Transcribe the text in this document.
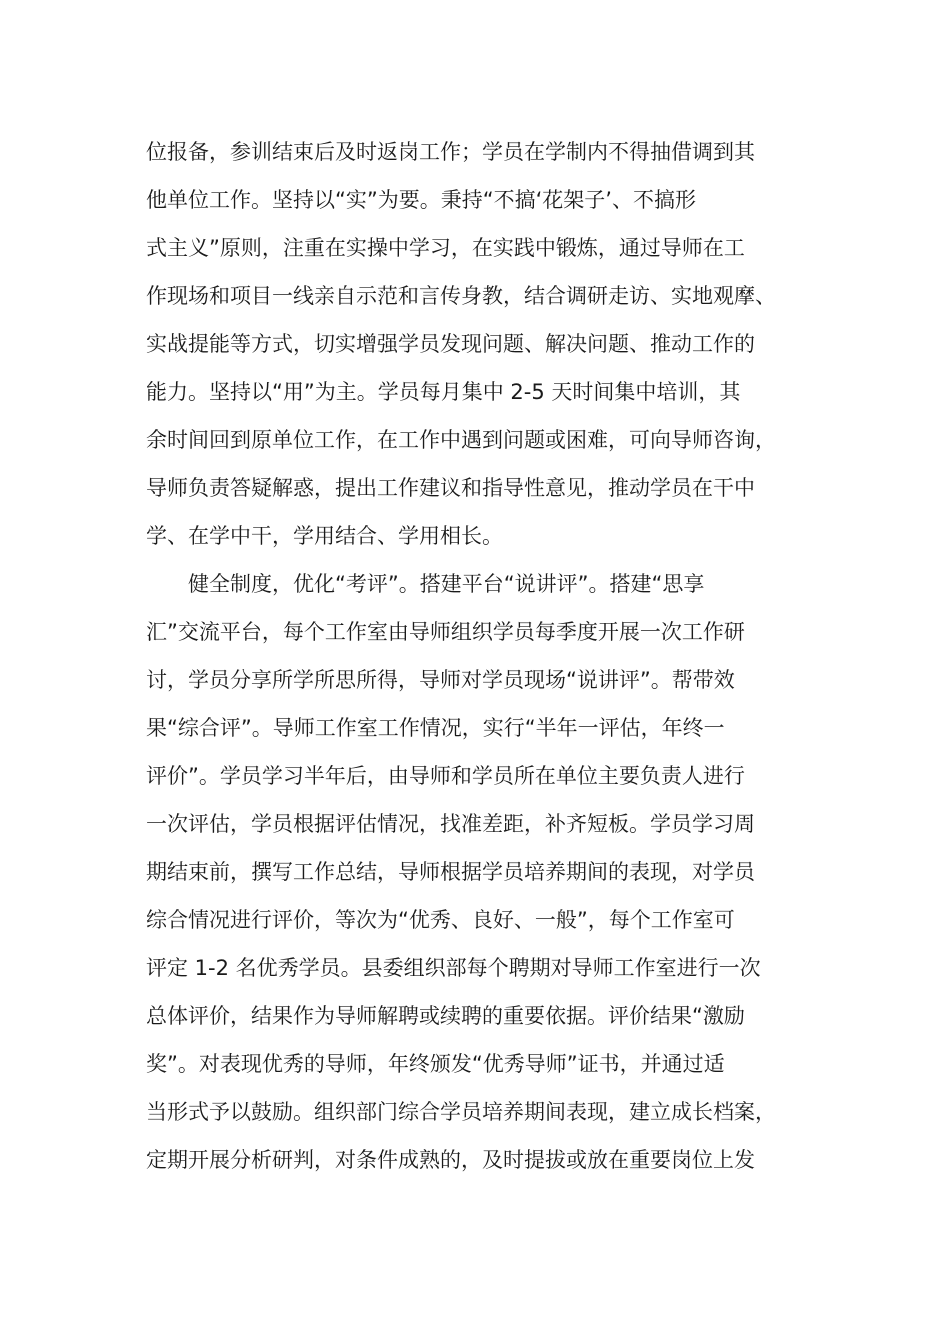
位报备，参训结束后及时返岗工作；学员在学制内不得抽借调到其
他单位工作。坚持以“实”为要。秉持“不搞‘花架子’、不搞形
式主义”原则，注重在实操中学习，在实践中锻炼，通过导师在工
作现场和项目一线亲自示范和言传身教，结合调研走访、实地观摩、
实战提能等方式，切实增强学员发现问题、解决问题、推动工作的
能力。坚持以“用”为主。学员每月集中 2-5 天时间集中培训，其
余时间回到原单位工作，在工作中遇到问题或困难，可向导师咨询，
导师负责答疑解惑，提出工作建议和指导性意见，推动学员在干中
学、在学中干，学用结合、学用相长。
健全制度，优化“考评”。搭建平台“说讲评”。搭建“思享
汇”交流平台，每个工作室由导师组织学员每季度开展一次工作研
讨，学员分享所学所思所得，导师对学员现场“说讲评”。帮带效
果“综合评”。导师工作室工作情况，实行“半年一评估，年终一
评价”。学员学习半年后，由导师和学员所在单位主要负责人进行
一次评估，学员根据评估情况，找准差距，补齐短板。学员学习周
期结束前，撰写工作总结，导师根据学员培养期间的表现，对学员
综合情况进行评价，等次为“优秀、良好、一般”，每个工作室可
评定 1-2 名优秀学员。县委组织部每个聘期对导师工作室进行一次
总体评价，结果作为导师解聘或续聘的重要依据。评价结果“激励
奖”。对表现优秀的导师，年终颁发“优秀导师”证书，并通过适
当形式予以鼓励。组织部门综合学员培养期间表现，建立成长档案，
定期开展分析研判，对条件成熟的，及时提拔或放在重要岗位上发
